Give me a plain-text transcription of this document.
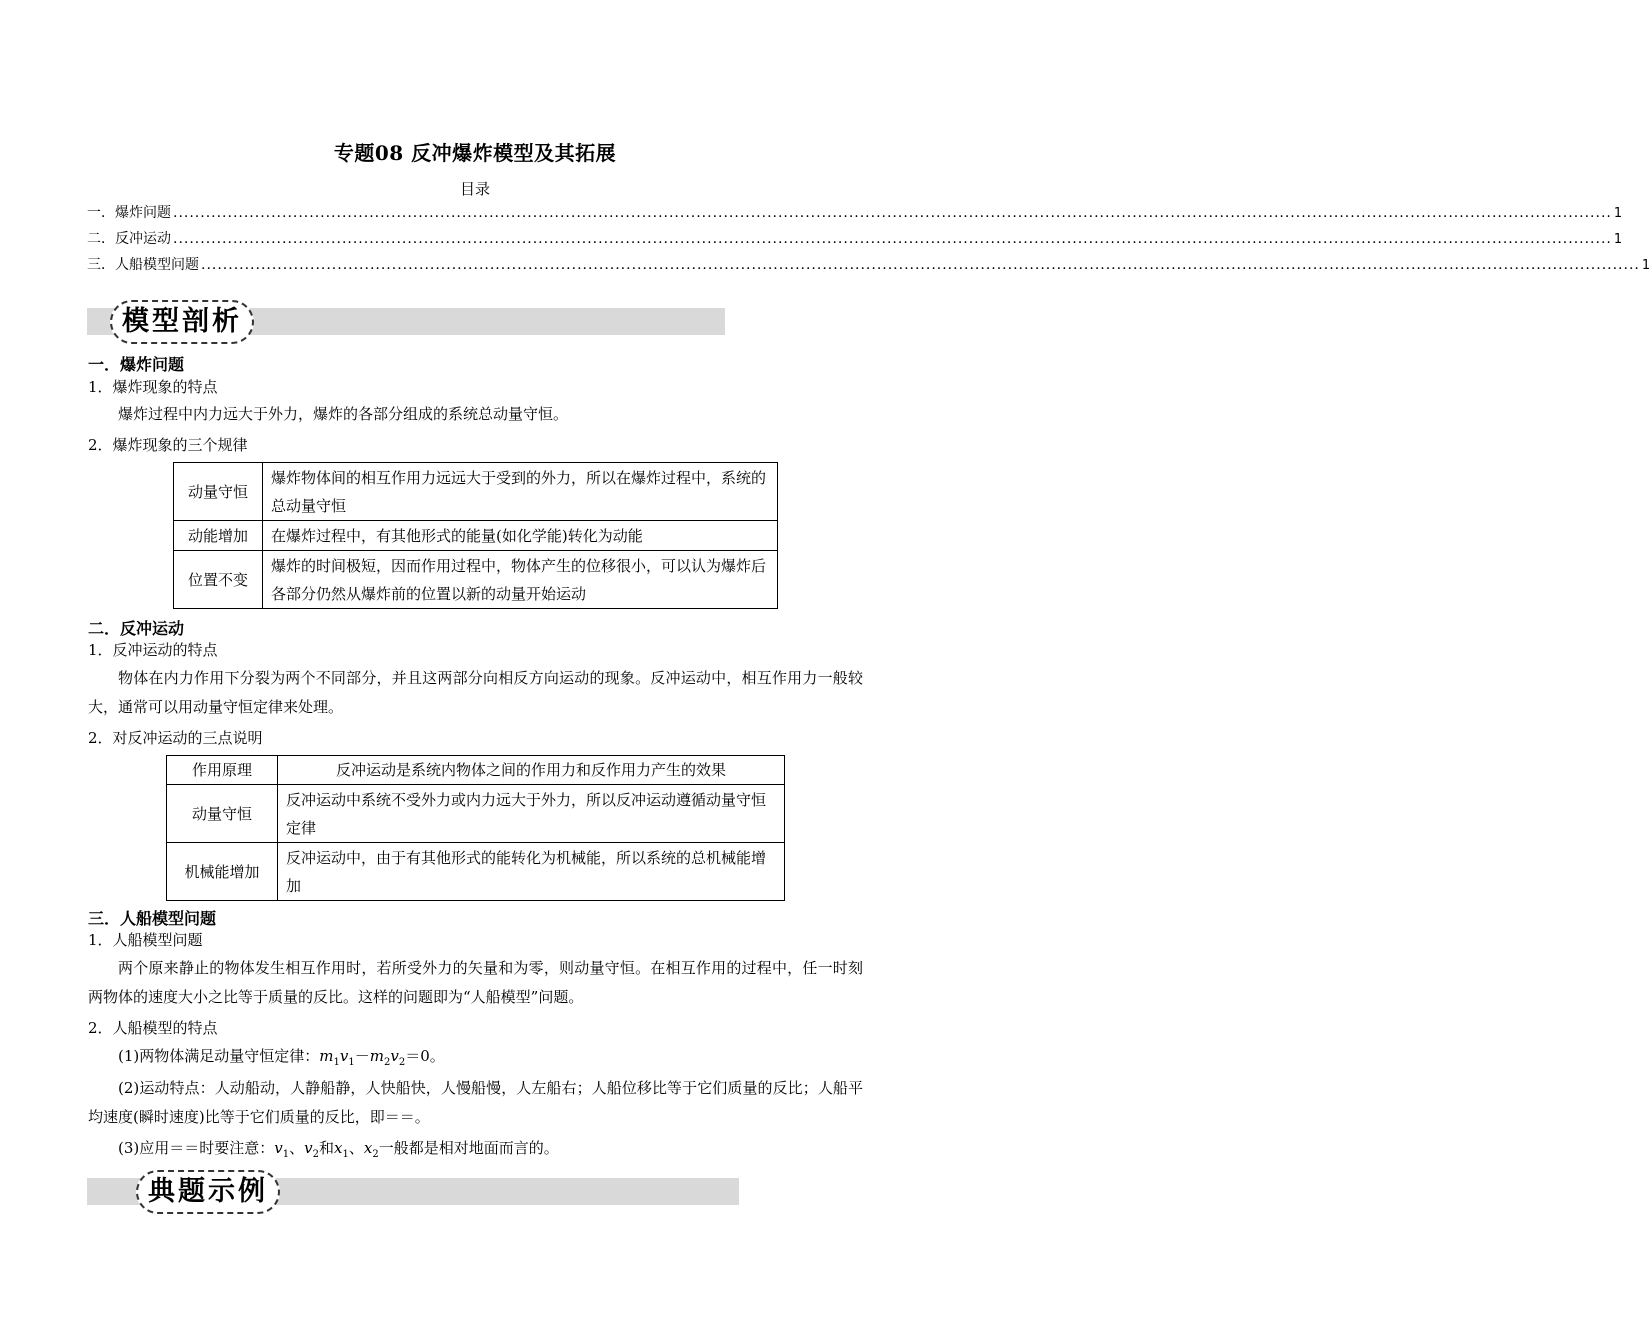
专题08 反冲爆炸模型及其拓展
目录
一．爆炸问题 ........................................................................................................................................................................................................................................................................ 1
二．反冲运动 ........................................................................................................................................................................................................................................................................ 1
三．人船模型问题 ........................................................................................................................................................................................................................................................................ 1
模型剖析
一．爆炸问题
1．爆炸现象的特点
爆炸过程中内力远大于外力，爆炸的各部分组成的系统总动量守恒。
2．爆炸现象的三个规律
动量守恒	爆炸物体间的相互作用力远远大于受到的外力，所以在爆炸过程中，系统的总动量守恒
动能增加	在爆炸过程中，有其他形式的能量(如化学能)转化为动能
位置不变	爆炸的时间极短，因而作用过程中，物体产生的位移很小，可以认为爆炸后各部分仍然从爆炸前的位置以新的动量开始运动
二．反冲运动
1．反冲运动的特点
物体在内力作用下分裂为两个不同部分，并且这两部分向相反方向运动的现象。反冲运动中，相互作用力一般较大，通常可以用动量守恒定律来处理。
2．对反冲运动的三点说明
作用原理	反冲运动是系统内物体之间的作用力和反作用力产生的效果
动量守恒	反冲运动中系统不受外力或内力远大于外力，所以反冲运动遵循动量守恒定律
机械能增加	反冲运动中，由于有其他形式的能转化为机械能，所以系统的总机械能增加
三．人船模型问题
1．人船模型问题
两个原来静止的物体发生相互作用时，若所受外力的矢量和为零，则动量守恒。在相互作用的过程中，任一时刻两物体的速度大小之比等于质量的反比。这样的问题即为“人船模型”问题。
2．人船模型的特点
(1)两物体满足动量守恒定律：$m_1v_1-m_2v_2=0$。
(2)运动特点：人动船动，人静船静，人快船快，人慢船慢，人左船右；人船位移比等于它们质量的反比；人船平均速度(瞬时速度)比等于它们质量的反比，即＝＝。
(3)应用＝＝时要注意：$v_1$、$v_2$和$x_1$、$x_2$一般都是相对地面而言的。
典题示例
